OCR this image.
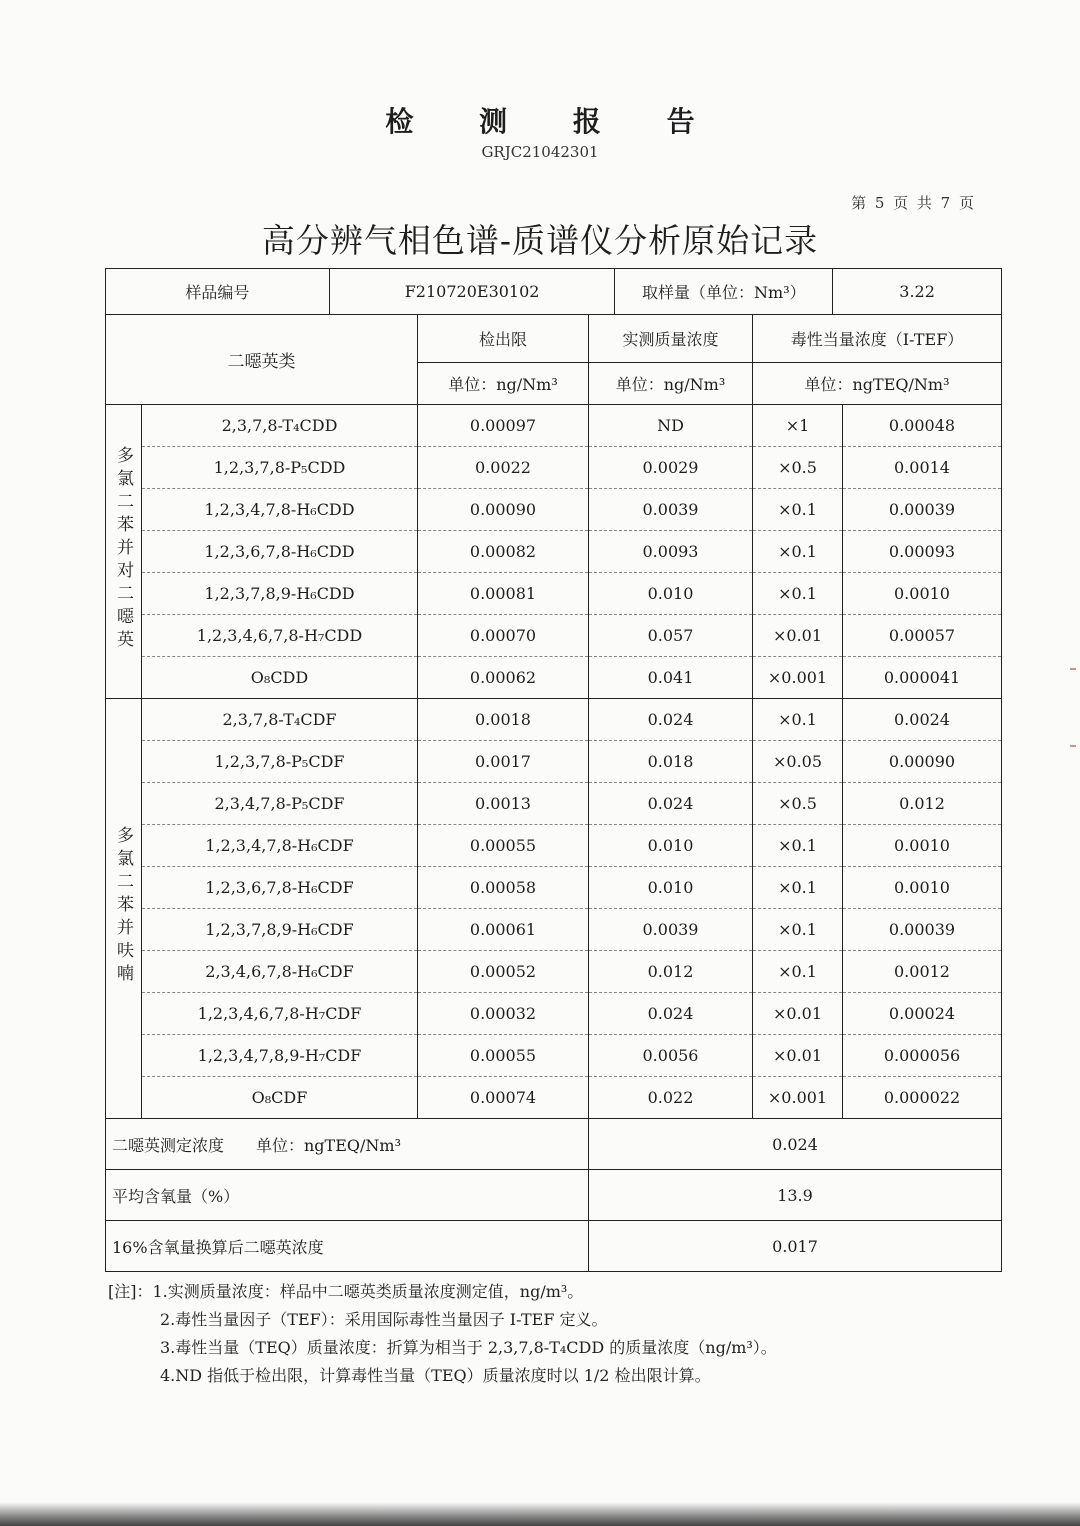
检 测 报 告
GRJC21042301
第 5 页 共 7 页
高分辨气相色谱-质谱仪分析原始记录
样品编号 F210720E30102 取样量（单位：Nm³） 3.22					

二噁英类		检出限	实测质量浓度	毒性当量浓度（I-TEF）	
		单位：ng/Nm³	单位：ng/Nm³	单位：ngTEQ/Nm³	
多氯二苯并对二噁英	2,3,7,8-T₄CDD	0.00097	ND	×1	0.00048
	1,2,3,7,8-P₅CDD	0.0022	0.0029	×0.5	0.0014
	1,2,3,4,7,8-H₆CDD	0.00090	0.0039	×0.1	0.00039
	1,2,3,6,7,8-H₆CDD	0.00082	0.0093	×0.1	0.00093
	1,2,3,7,8,9-H₆CDD	0.00081	0.010	×0.1	0.0010
	1,2,3,4,6,7,8-H₇CDD	0.00070	0.057	×0.01	0.00057
	O₈CDD	0.00062	0.041	×0.001	0.000041
多氯二苯并呋喃	2,3,7,8-T₄CDF	0.0018	0.024	×0.1	0.0024
	1,2,3,7,8-P₅CDF	0.0017	0.018	×0.05	0.00090
	2,3,4,7,8-P₅CDF	0.0013	0.024	×0.5	0.012
	1,2,3,4,7,8-H₆CDF	0.00055	0.010	×0.1	0.0010
	1,2,3,6,7,8-H₆CDF	0.00058	0.010	×0.1	0.0010
	1,2,3,7,8,9-H₆CDF	0.00061	0.0039	×0.1	0.00039
	2,3,4,6,7,8-H₆CDF	0.00052	0.012	×0.1	0.0012
	1,2,3,4,6,7,8-H₇CDF	0.00032	0.024	×0.01	0.00024
	1,2,3,4,7,8,9-H₇CDF	0.00055	0.0056	×0.01	0.000056
	O₈CDF	0.00074	0.022	×0.001	0.000022
二噁英测定浓度　　单位：ngTEQ/Nm³			0.024		
平均含氧量（%）			13.9		
16%含氧量换算后二噁英浓度			0.017		
[注]：1.实测质量浓度：样品中二噁英类质量浓度测定值，ng/m³。
2.毒性当量因子（TEF）：采用国际毒性当量因子 I-TEF 定义。
3.毒性当量（TEQ）质量浓度：折算为相当于 2,3,7,8-T₄CDD 的质量浓度（ng/m³）。
4.ND 指低于检出限，计算毒性当量（TEQ）质量浓度时以 1/2 检出限计算。
